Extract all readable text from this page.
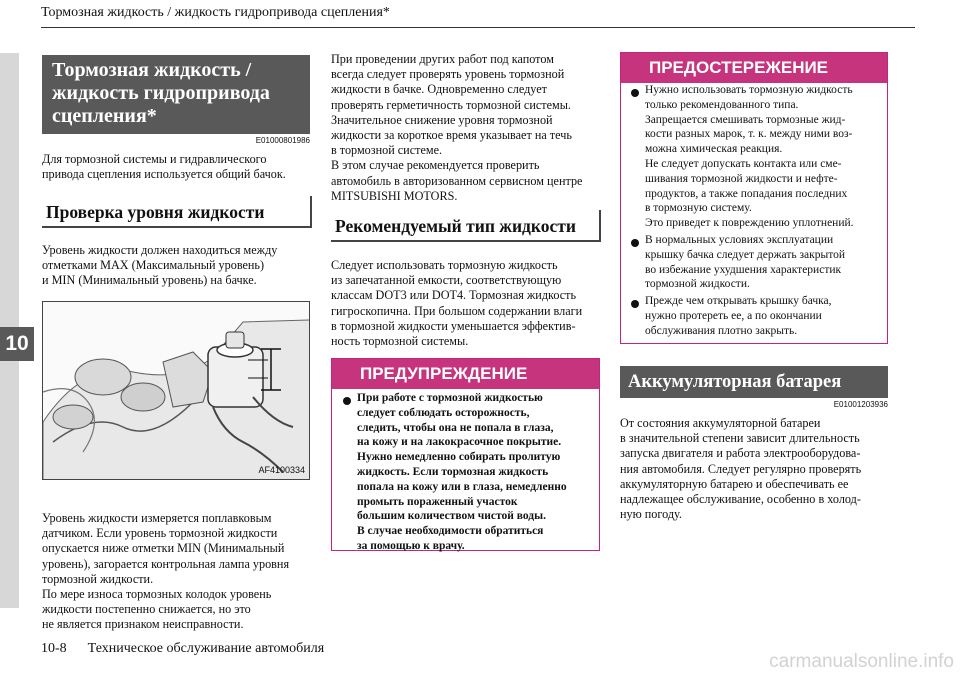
Тормозная жидкость / жидкость гидропривода сцепления*
10
Тормозная жидкость /
жидкость гидропривода
сцепления*
E01000801986

Для тормозной системы и гидравлического
привода сцепления используется общий бачок.

Проверка уровня жидкости

Уровень жидкости должен находиться между
отметками MAX (Максимальный уровень)
и MIN (Минимальный уровень) на бачке.

AF4100334

Уровень жидкости измеряется поплавковым
датчиком. Если уровень тормозной жидкости
опускается ниже отметки MIN (Минимальный
уровень), загорается контрольная лампа уровня
тормозной жидкости.
По мере износа тормозных колодок уровень
жидкости постепенно снижается, но это
не является признаком неисправности.

При проведении других работ под капотом
всегда следует проверять уровень тормозной
жидкости в бачке. Одновременно следует
проверять герметичность тормозной системы.
Значительное снижение уровня тормозной
жидкости за короткое время указывает на течь
в тормозной системе.
В этом случае рекомендуется проверить
автомобиль в авторизованном сервисном центре
MITSUBISHI MOTORS.

Рекомендуемый тип жидкости

Следует использовать тормозную жидкость
из запечатанной емкости, соответствующую
классам DOT3 или DOT4. Тормозная жидкость
гигроскопична. При большом содержании влаги
в тормозной жидкости уменьшается эффектив-
ность тормозной системы.

ПРЕДУПРЕЖДЕНИЕ
При работе с тормозной жидкостью
следует соблюдать осторожность,
следить, чтобы она не попала в глаза,
на кожу и на лакокрасочное покрытие.
Нужно немедленно собирать пролитую
жидкость. Если тормозная жидкость
попала на кожу или в глаза, немедленно
промыть пораженный участок
большим количеством чистой воды.
В случае необходимости обратиться
за помощью к врачу.
ПРЕДОСТЕРЕЖЕНИЕ
Нужно использовать тормозную жидкость
только рекомендованного типа.
Запрещается смешивать тормозные жид-
кости разных марок, т. к. между ними воз-
можна химическая реакция.
Не следует допускать контакта или сме-
шивания тормозной жидкости и нефте-
продуктов, а также попадания последних
в тормозную систему.
Это приведет к повреждению уплотнений.
В нормальных условиях эксплуатации
крышку бачка следует держать закрытой
во избежание ухудшения характеристик
тормозной жидкости.
Прежде чем открывать крышку бачка,
нужно протереть ее, а по окончании
обслуживания плотно закрыть.
Аккумуляторная батарея
E01001203936

От состояния аккумуляторной батареи
в значительной степени зависит длительность
запуска двигателя и работа электрооборудова-
ния автомобиля. Следует регулярно проверять
аккумуляторную батарею и обеспечивать ее
надлежащее обслуживание, особенно в холод-
ную погоду.

10-8 Техническое обслуживание автомобиля
carmanualsonline.info
